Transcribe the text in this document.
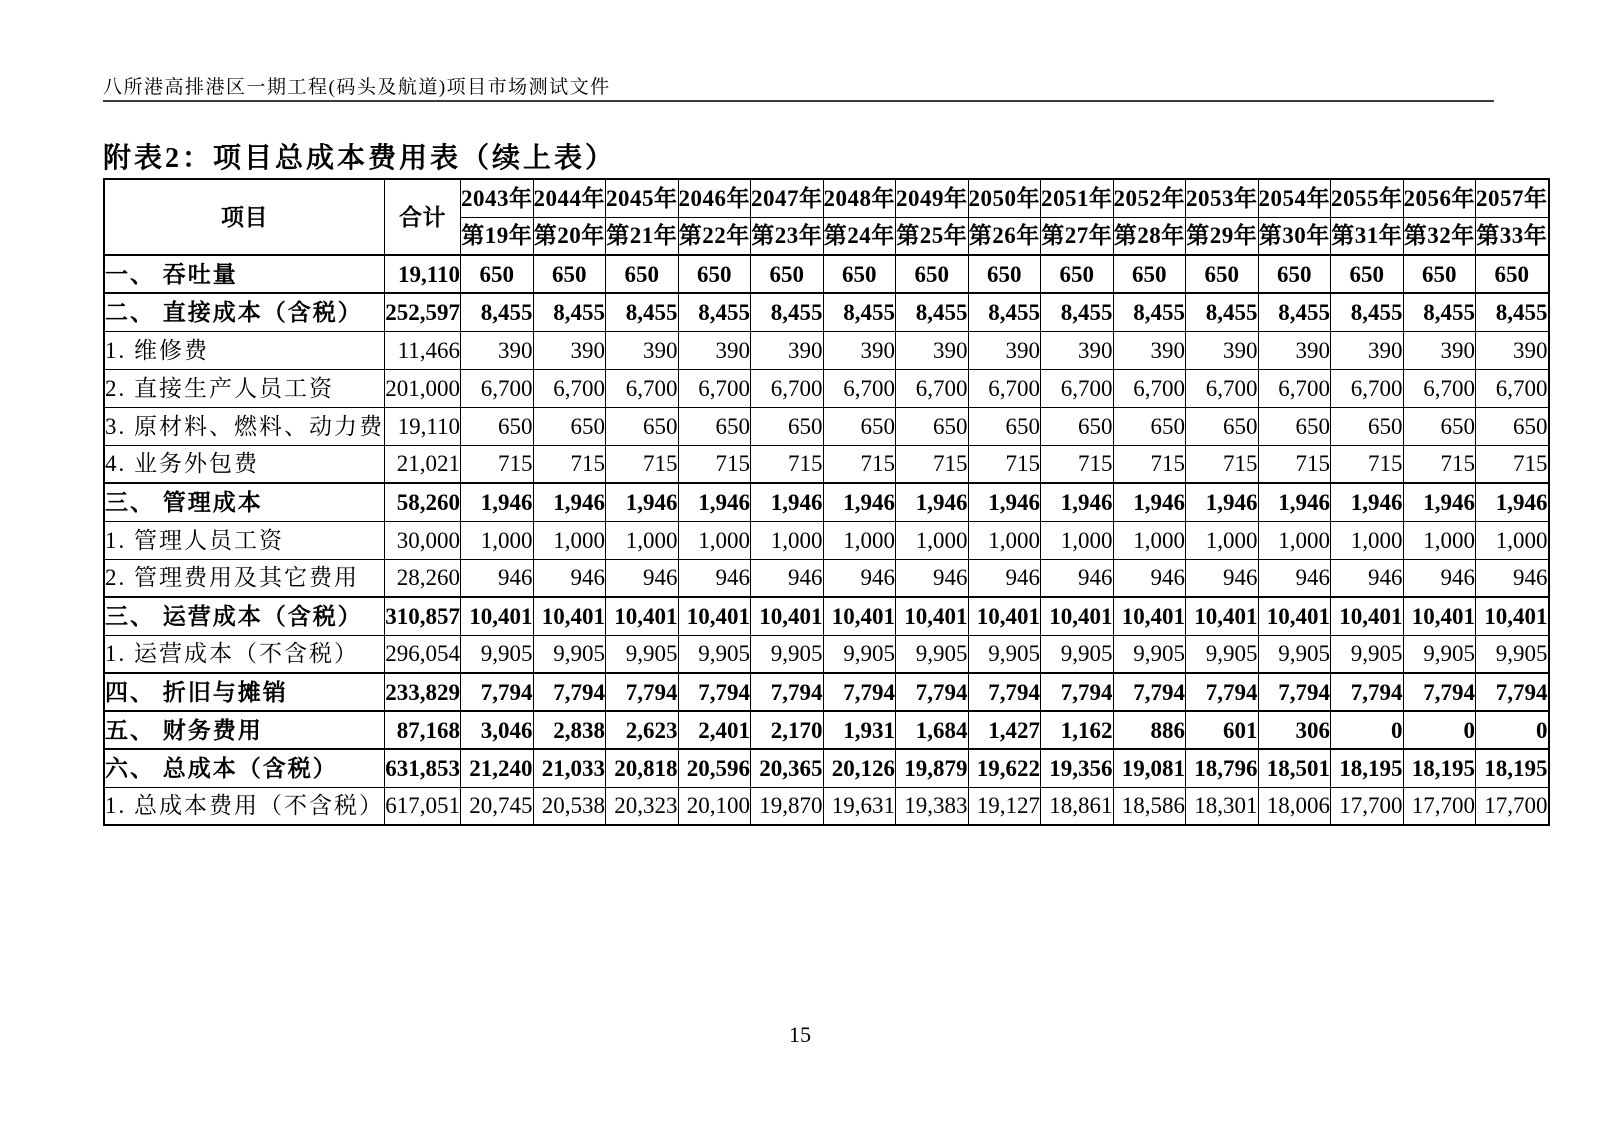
八所港高排港区一期工程(码头及航道)项目市场测试文件
附表2：项目总成本费用表（续上表）
项目	合计	2043年	2044年	2045年	2046年	2047年	2048年	2049年	2050年	2051年	2052年	2053年	2054年	2055年	2056年	2057年
		第19年	第20年	第21年	第22年	第23年	第24年	第25年	第26年	第27年	第28年	第29年	第30年	第31年	第32年	第33年
一、 吞吐量	19,110	650	650	650	650	650	650	650	650	650	650	650	650	650	650	650
二、 直接成本（含税）	252,597	8,455	8,455	8,455	8,455	8,455	8,455	8,455	8,455	8,455	8,455	8,455	8,455	8,455	8,455	8,455
1. 维修费	11,466	390	390	390	390	390	390	390	390	390	390	390	390	390	390	390
2. 直接生产人员工资	201,000	6,700	6,700	6,700	6,700	6,700	6,700	6,700	6,700	6,700	6,700	6,700	6,700	6,700	6,700	6,700
3. 原材料、燃料、动力费	19,110	650	650	650	650	650	650	650	650	650	650	650	650	650	650	650
4. 业务外包费	21,021	715	715	715	715	715	715	715	715	715	715	715	715	715	715	715
三、 管理成本	58,260	1,946	1,946	1,946	1,946	1,946	1,946	1,946	1,946	1,946	1,946	1,946	1,946	1,946	1,946	1,946
1. 管理人员工资	30,000	1,000	1,000	1,000	1,000	1,000	1,000	1,000	1,000	1,000	1,000	1,000	1,000	1,000	1,000	1,000
2. 管理费用及其它费用	28,260	946	946	946	946	946	946	946	946	946	946	946	946	946	946	946
三、 运营成本（含税）	310,857	10,401	10,401	10,401	10,401	10,401	10,401	10,401	10,401	10,401	10,401	10,401	10,401	10,401	10,401	10,401
1. 运营成本（不含税）	296,054	9,905	9,905	9,905	9,905	9,905	9,905	9,905	9,905	9,905	9,905	9,905	9,905	9,905	9,905	9,905
四、 折旧与摊销	233,829	7,794	7,794	7,794	7,794	7,794	7,794	7,794	7,794	7,794	7,794	7,794	7,794	7,794	7,794	7,794
五、 财务费用	87,168	3,046	2,838	2,623	2,401	2,170	1,931	1,684	1,427	1,162	886	601	306	0	0	0
六、 总成本（含税）	631,853	21,240	21,033	20,818	20,596	20,365	20,126	19,879	19,622	19,356	19,081	18,796	18,501	18,195	18,195	18,195
1. 总成本费用（不含税）	617,051	20,745	20,538	20,323	20,100	19,870	19,631	19,383	19,127	18,861	18,586	18,301	18,006	17,700	17,700	17,700
15
